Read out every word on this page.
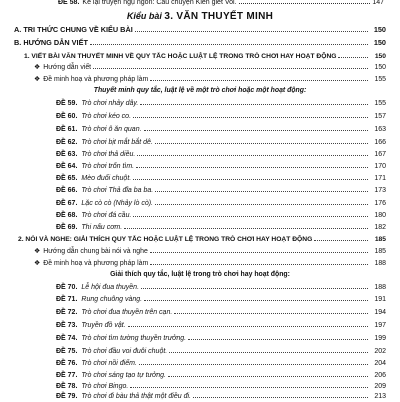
ĐỀ 58. Kể lại truyện ngụ ngôn: Cầu chuyện Kiến giết Voi.	147
Kiểu bài 3. VĂN THUYẾT MINH
A. TRI THỨC CHUNG VỀ KIỂU BÀI	150
B. HƯỚNG DẪN VIẾT	150
1. VIẾT BÀI VĂN THUYẾT MINH VỀ QUY TẮC HOẶC LUẬT LỆ TRONG TRÒ CHƠI HAY HOẠT ĐỘNG	150
❖ Hướng dẫn viết	150
❖ Đề minh hoạ và phương pháp làm	155
Thuyết minh quy tắc, luật lệ về một trò chơi hoặc một hoạt động:
ĐỀ 59. Trò chơi nhảy dây.	155
ĐỀ 60. Trò chơi kéo co.	157
ĐỀ 61. Trò chơi ô ăn quan.	163
ĐỀ 62. Trò chơi bịt mắt bắt dê.	166
ĐỀ 63. Trò chơi thả diều.	167
ĐỀ 64. Trò chơi trốn tìm.	170
ĐỀ 65. Mèo đuổi chuột.	171
ĐỀ 66. Trò chơi Thả đỉa ba ba.	173
ĐỀ 67. Lặc cò cò (Nhảy lò cò).	176
ĐỀ 68. Trò chơi đá cầu.	180
ĐỀ 69. Thi nấu cơm.	182
2. NÓI VÀ NGHE: GIẢI THÍCH QUY TẮC HOẶC LUẬT LỆ TRONG TRÒ CHƠI HAY HOẠT ĐỘNG	185
❖ Hướng dẫn chung bài nói và nghe	185
❖ Đề minh hoạ và phương pháp làm	188
Giải thích quy tắc, luật lệ trong trò chơi hay hoạt động:
ĐỀ 70. Lễ hội đua thuyền.	188
ĐỀ 71. Rung chuông vàng.	191
ĐỀ 72. Trò chơi đua thuyền trên cạn.	194
ĐỀ 73. Truyền đồ vật.	197
ĐỀ 74. Trò chơi tìm tường thuyền trưởng.	199
ĐỀ 75. Trò chơi đầu voi đuôi chuột.	202
ĐỀ 76. Trò chơi nồi điểm.	204
ĐỀ 77. Trò chơi sáng tạo tự tưởng.	206
ĐỀ 78. Trò chơi Bingo.	209
ĐỀ 79. Trò chơi đi bàu thả thật một điều đi.	213
